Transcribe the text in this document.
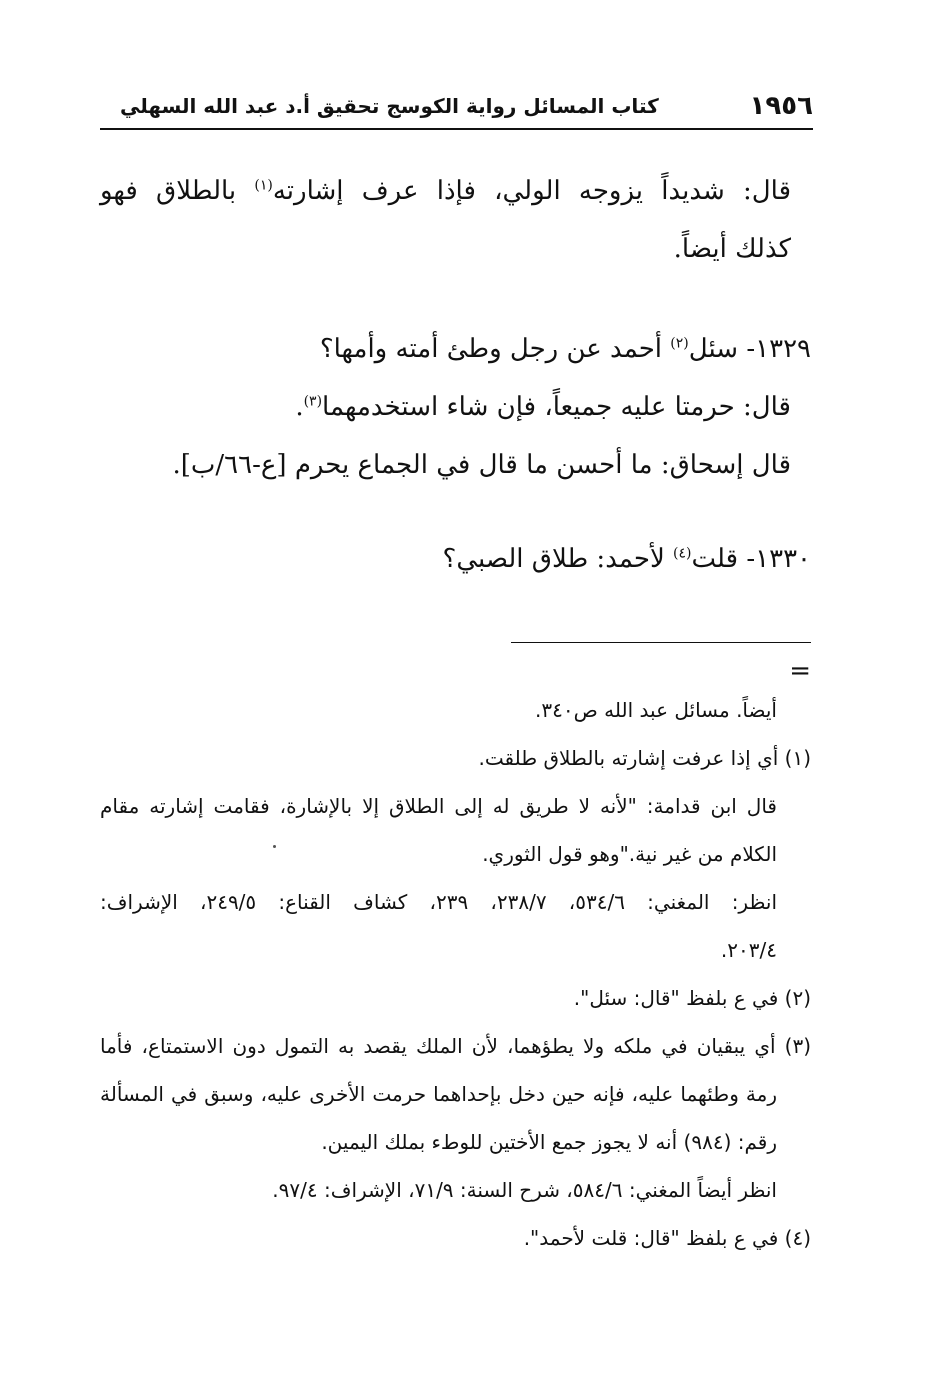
١٩٥٦
كتاب المسائل رواية الكوسج تحقيق أ.د عبد الله السهلي
قال: شديداً يزوجه الولي، فإذا عرف إشارته$^{(١)}$ بالطلاق فهو
كذلك أيضاً.
١٣٢٩- سئل$^{(٢)}$ أحمد عن رجل وطئ أمته وأمها؟
قال: حرمتا عليه جميعاً، فإن شاء استخدمهما$^{(٣)}$.
قال إسحاق: ما أحسن ما قال في الجماع يحرم [ع-٦٦/ب].
١٣٣٠- قلت$^{(٤)}$ لأحمد: طلاق الصبي؟
=
أيضاً. مسائل عبد الله ص٣٤٠.
(١) أي إذا عرفت إشارته بالطلاق طلقت.
قال ابن قدامة: "لأنه لا طريق له إلى الطلاق إلا بالإشارة، فقامت إشارته مقام
الكلام من غير نية."وهو قول الثوري.
انظر: المغني: ٥٣٤/٦، ٢٣٨/٧، ٢٣٩، كشاف القناع: ٢٤٩/٥، الإشراف:
٢٠٣/٤.
(٢) في ع بلفظ "قال: سئل".
(٣) أي يبقيان في ملكه ولا يطؤهما، لأن الملك يقصد به التمول دون الاستمتاع، فأما
رمة وطئهما عليه، فإنه حين دخل بإحداهما حرمت الأخرى عليه، وسبق في المسألة
رقم: (٩٨٤) أنه لا يجوز جمع الأختين للوطء بملك اليمين.
انظر أيضاً المغني: ٥٨٤/٦، شرح السنة: ٧١/٩، الإشراف: ٩٧/٤.
(٤) في ع بلفظ "قال: قلت لأحمد".
